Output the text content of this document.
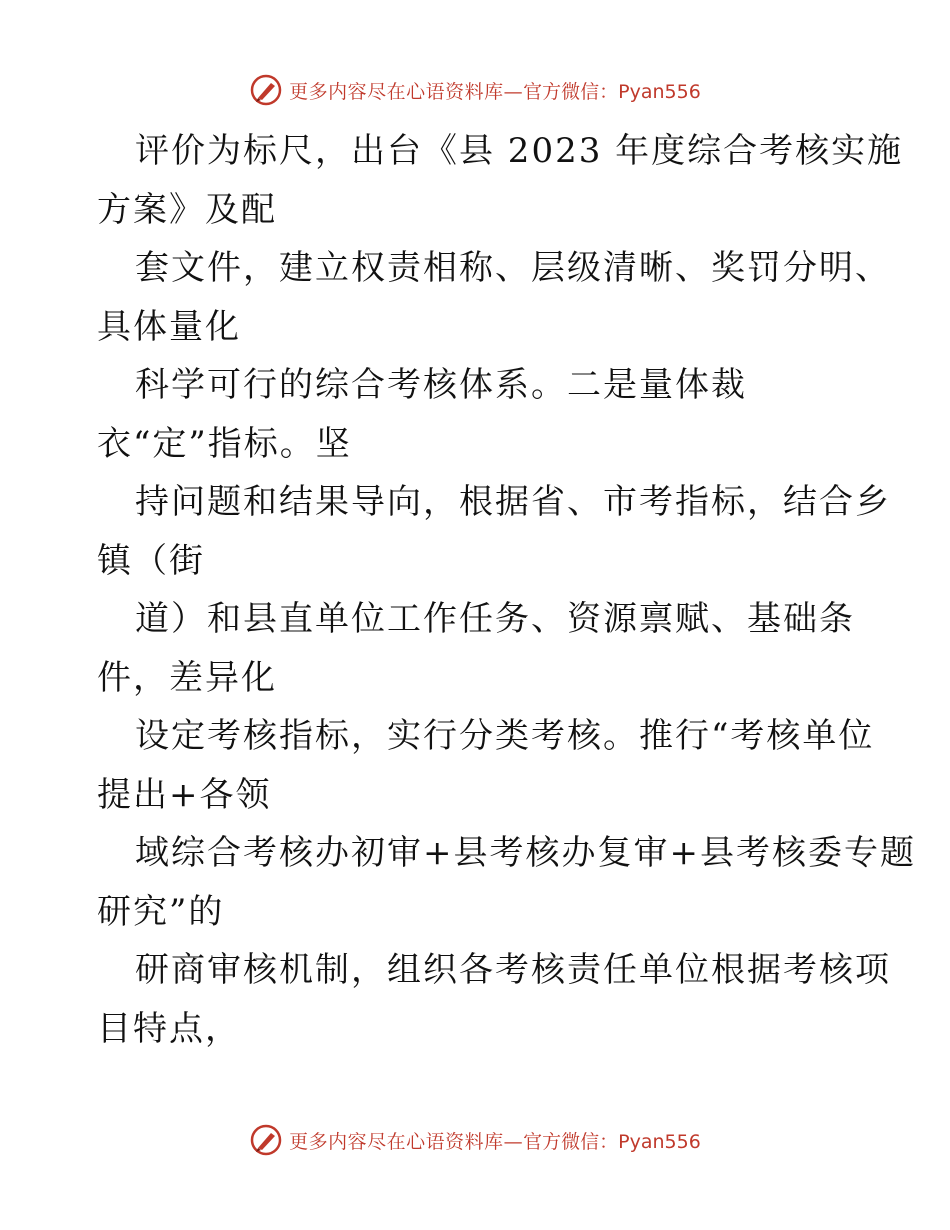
更多内容尽在心语资料库— 官方微信：Pyan556
评价为标尺，出台《县 2023 年度综合考核实施
方案》及配
套文件，建立权责相称、层级清晰、奖罚分明、
具体量化
科学可行的综合考核体系。二是量体裁
衣“定”指标。坚
持问题和结果导向，根据省、市考指标，结合乡
镇（街
道）和县直单位工作任务、资源禀赋、基础条
件，差异化
设定考核指标，实行分类考核。推行“考核单位
提出+各领
域综合考核办初审+县考核办复审+县考核委专题
研究”的
研商审核机制，组织各考核责任单位根据考核项
目特点，
更多内容尽在心语资料库— 官方微信：Pyan556
